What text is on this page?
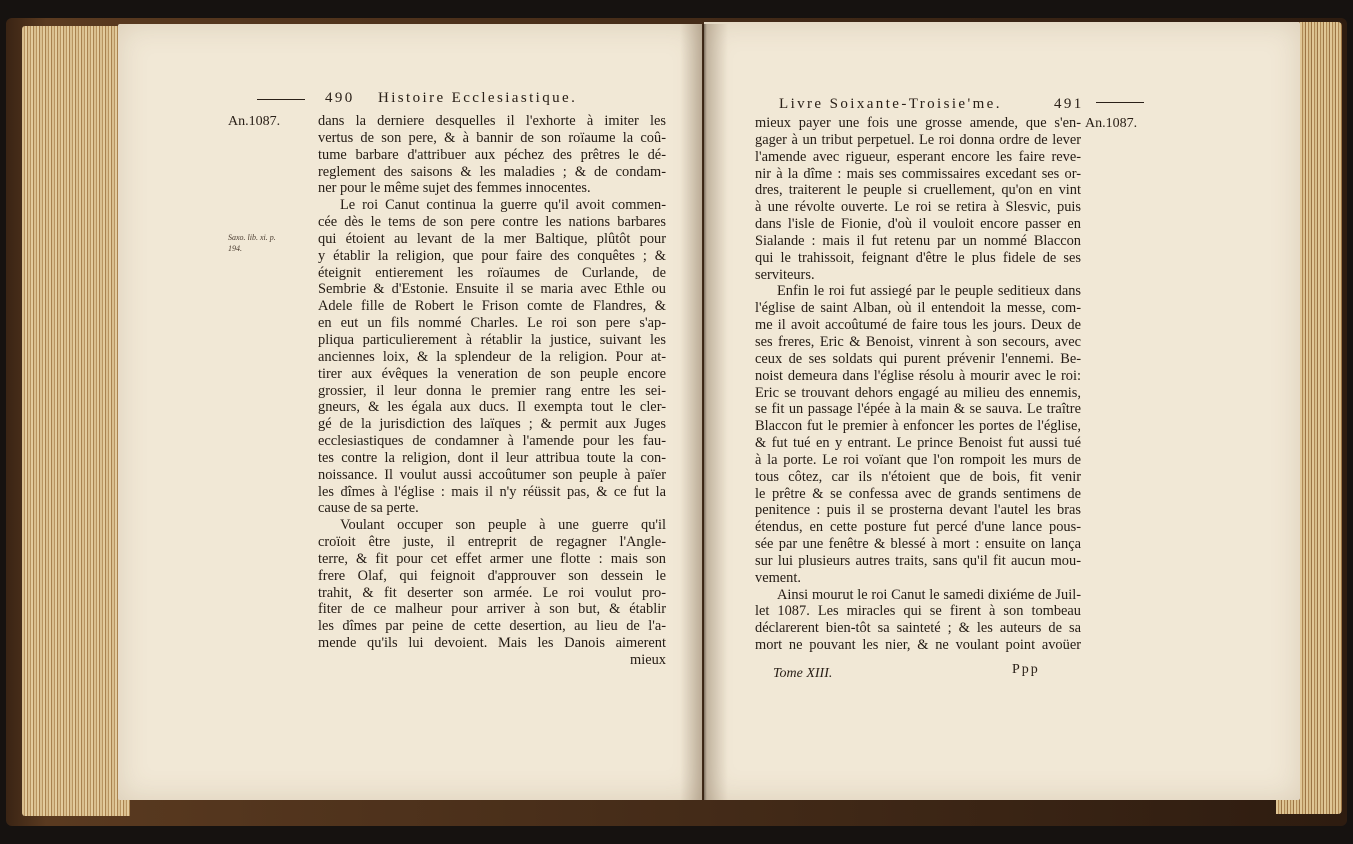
490 Histoire Ecclesiastique.
An.1087.
Saxo. lib. xi. p.
194.
dans la derniere desquelles il l'exhorte à imiter les
vertus de son pere, & à bannir de son roïaume la coû-
tume barbare d'attribuer aux péchez des prêtres le dé-
reglement des saisons & les maladies ; & de condam-
ner pour le même sujet des femmes innocentes.
Le roi Canut continua la guerre qu'il avoit commen-
cée dès le tems de son pere contre les nations barbares
qui étoient au levant de la mer Baltique, plûtôt pour
y établir la religion, que pour faire des conquêtes ; &
éteignit entierement les roïaumes de Curlande, de
Sembrie & d'Estonie. Ensuite il se maria avec Ethle ou
Adele fille de Robert le Frison comte de Flandres, &
en eut un fils nommé Charles. Le roi son pere s'ap-
pliqua particulierement à rétablir la justice, suivant les
anciennes loix, & la splendeur de la religion. Pour at-
tirer aux évêques la veneration de son peuple encore
grossier, il leur donna le premier rang entre les sei-
gneurs, & les égala aux ducs. Il exempta tout le cler-
gé de la jurisdiction des laïques ; & permit aux Juges
ecclesiastiques de condamner à l'amende pour les fau-
tes contre la religion, dont il leur attribua toute la con-
noissance. Il voulut aussi accoûtumer son peuple à païer
les dîmes à l'église : mais il n'y réüssit pas, & ce fut la
cause de sa perte.
Voulant occuper son peuple à une guerre qu'il
croïoit être juste, il entreprit de regagner l'Angle-
terre, & fit pour cet effet armer une flotte : mais son
frere Olaf, qui feignoit d'approuver son dessein le
trahit, & fit deserter son armée. Le roi voulut pro-
fiter de ce malheur pour arriver à son but, & établir
les dîmes par peine de cette desertion, au lieu de l'a-
mende qu'ils lui devoient. Mais les Danois aimerent
mieux
Livre Soixante-Troisie'me.	491
An.1087.
mieux payer une fois une grosse amende, que s'en-
gager à un tribut perpetuel. Le roi donna ordre de lever
l'amende avec rigueur, esperant encore les faire reve-
nir à la dîme : mais ses commissaires excedant ses or-
dres, traiterent le peuple si cruellement, qu'on en vint
à une révolte ouverte. Le roi se retira à Slesvic, puis
dans l'isle de Fionie, d'où il vouloit encore passer en
Sialande : mais il fut retenu par un nommé Blaccon
qui le trahissoit, feignant d'être le plus fidele de ses
serviteurs.
Enfin le roi fut assiegé par le peuple seditieux dans
l'église de saint Alban, où il entendoit la messe, com-
me il avoit accoûtumé de faire tous les jours. Deux de
ses freres, Eric & Benoist, vinrent à son secours, avec
ceux de ses soldats qui purent prévenir l'ennemi. Be-
noist demeura dans l'église résolu à mourir avec le roi:
Eric se trouvant dehors engagé au milieu des ennemis,
se fit un passage l'épée à la main & se sauva. Le traître
Blaccon fut le premier à enfoncer les portes de l'église,
& fut tué en y entrant. Le prince Benoist fut aussi tué
à la porte. Le roi voïant que l'on rompoit les murs de
tous côtez, car ils n'étoient que de bois, fit venir
le prêtre & se confessa avec de grands sentimens de
penitence : puis il se prosterna devant l'autel les bras
étendus, en cette posture fut percé d'une lance pous-
sée par une fenêtre & blessé à mort : ensuite on lança
sur lui plusieurs autres traits, sans qu'il fit aucun mou-
vement.
Ainsi mourut le roi Canut le samedi dixiéme de Juil-
let 1087. Les miracles qui se firent à son tombeau
déclarerent bien-tôt sa sainteté ; & les auteurs de sa
mort ne pouvant les nier, & ne voulant point avoüer
Tome XIII.	Ppp
